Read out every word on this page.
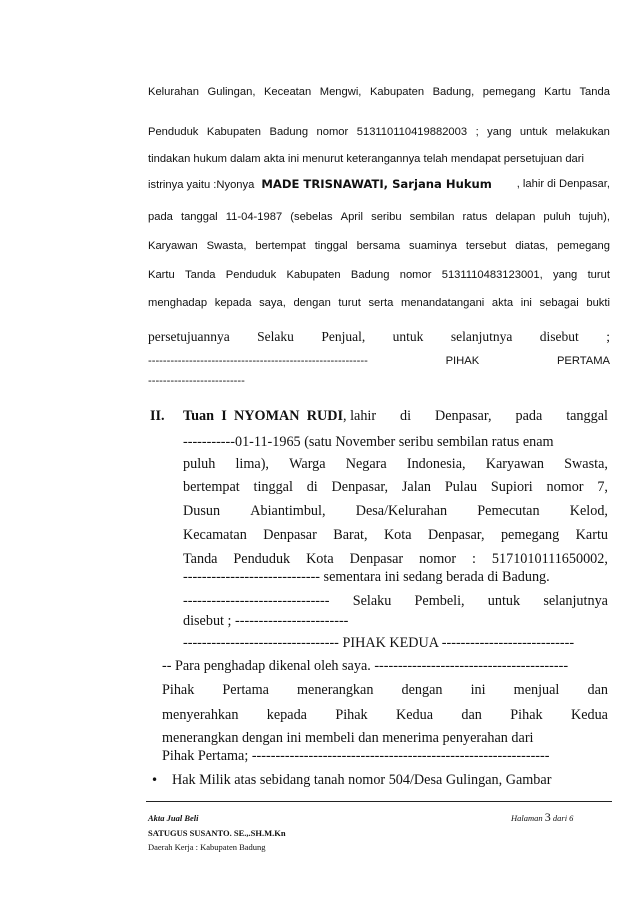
Kelurahan Gulingan, Keceatan Mengwi, Kabupaten Badung, pemegang Kartu Tanda
Penduduk Kabupaten Badung nomor 513110110419882003 ; yang untuk melakukan
tindakan hukum dalam akta ini menurut keterangannya telah mendapat persetujuan dari
istrinya yaitu :Nyonya MADE TRISNAWATI, Sarjana Hukum , lahir di Denpasar,
pada tanggal 11-04-1987 (sebelas April seribu sembilan ratus delapan puluh tujuh),
Karyawan Swasta, bertempat tinggal bersama suaminya tersebut diatas, pemegang
Kartu Tanda Penduduk Kabupaten Badung nomor 5131110483123001, yang turut
menghadap kepada saya, dengan turut serta menandatangani akta ini sebagai bukti
persetujuannya Selaku Penjual, untuk selanjutnya disebut ;
-----------------------------------------------------------	PIHAK	PERTAMA
--------------------------
II. Tuan I NYOMAN RUDI , lahir di Denpasar, pada tanggal
-----------01-11-1965 (satu November seribu sembilan ratus enam
puluh lima), Warga Negara Indonesia, Karyawan Swasta,
bertempat tinggal di Denpasar, Jalan Pulau Supiori nomor 7,
Dusun Abiantimbul, Desa/Kelurahan Pemecutan Kelod,
Kecamatan Denpasar Barat, Kota Denpasar, pemegang Kartu
Tanda Penduduk Kota Denpasar nomor : 5171010111650002,
----------------------------- sementara ini sedang berada di Badung.
------------------------------- Selaku Pembeli, untuk selanjutnya
disebut ; ------------------------
--------------------------------- PIHAK KEDUA ----------------------------
-- Para penghadap dikenal oleh saya. -----------------------------------------
Pihak Pertama menerangkan dengan ini menjual dan
menyerahkan kepada Pihak Kedua dan Pihak Kedua
menerangkan dengan ini membeli dan menerima penyerahan dari
Pihak Pertama; ---------------------------------------------------------------
• Hak Milik atas sebidang tanah nomor 504/Desa Gulingan, Gambar
Akta Jual Beli
SATUGUS SUSANTO. SE.,.SH.M.Kn
Daerah Kerja : Kabupaten Badung
Halaman 3 dari 6
